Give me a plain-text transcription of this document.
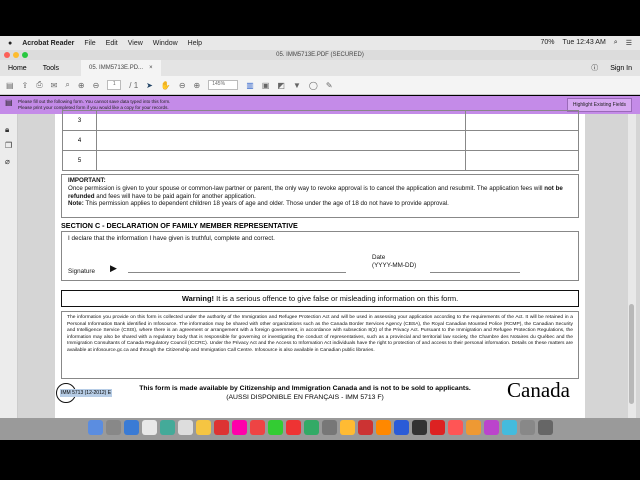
● Acrobat Reader File Edit View Window Help	70% Tue 12:43 AM ⌕ ☰
05. IMM5713E.PDF (SECURED)
Home	Tools	05. IMM5713E.PD... ×	ⓘ	Sign In
▤ ⇪ ⎙ ✉ ⌕ ⊕ ⊖	1	/ 1 ➤ ✋ ⊖ ⊕	145%	▥ ▣ ◩ ▼ ◯ ✎
▤ Please fill out the following form. You cannot save data typed into this form.
Please print your completed form if you would like a copy for your records.	Highlight Existing Fields
🔒︎
❐
⌀
3		
4		
5		
IMPORTANT:
Once permission is given to your spouse or common-law partner or parent, the only way to revoke approval is to cancel the application and resubmit. The application fees will not be refunded and fees will have to be paid again for another application.
Note: This permission applies to dependent children 18 years of age and older. Those under the age of 18 do not have to provide approval.
SECTION C - DECLARATION OF FAMILY MEMBER REPRESENTATIVE
I declare that the information I have given is truthful, complete and correct.
Signature ▶
Date
(YYYY-MM-DD)
Warning! It is a serious offence to give false or misleading information on this form.
The information you provide on this form is collected under the authority of the Immigration and Refugee Protection Act and will be used in assessing your application according to the requirements of the Act. It will be retained in a Personal Information Bank identified in Infosource. The information may be shared with other organizations such as the Canada Border Services Agency (CBSA), the Royal Canadian Mounted Police (RCMP), the Canadian Security and Intelligence Service (CSIS), where there is an agreement or arrangement with a foreign government, in accordance with subsection 8(2) of the Privacy Act. Pursuant to the Immigration and Refugee Protection Regulations, the information may also be shared with a regulatory body that is responsible for governing or investigating the conduct of representatives, such as a provincial and territorial law society, the Chambre des Notaires du Québec and the Immigration Consultants of Canada Regulatory Council (ICCRC). Under the Privacy Act and the Access to Information Act individuals have the right to protection of and access to their personal information. Details on these matters are available at infosource.gc.ca and through the Citizenship and Immigration Call Centre. Infosource is also available in Canadian public libraries.
IMM 5713 (12-2012) E
This form is made available by Citizenship and Immigration Canada and is not to be sold to applicants.
(AUSSI DISPONIBLE EN FRANÇAIS - IMM 5713 F)	Canada
